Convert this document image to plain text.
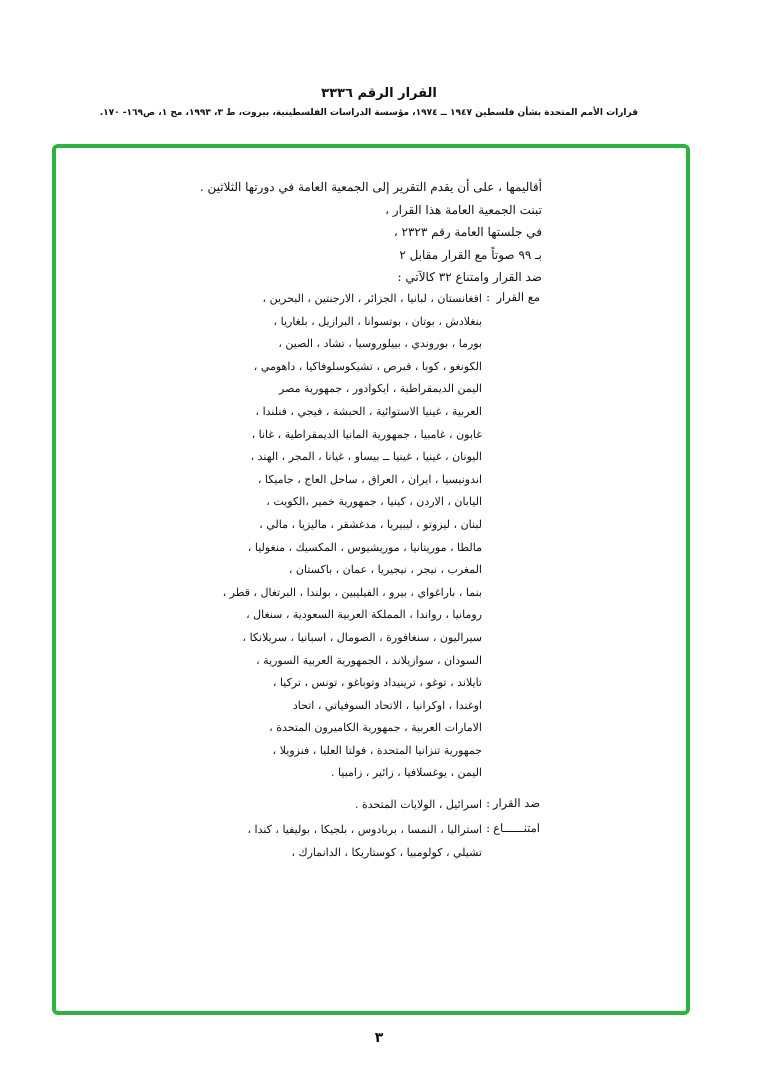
القرار الرقم ٣٣٣٦
قرارات الأمم المتحدة بشأن فلسطين ١٩٤٧ ــ ١٩٧٤، مؤسسة الدراسات الفلسطينية، بيروت، ط ٣، ١٩٩٣، مج ١، ص١٦٩- ١٧٠.
أقاليمها ، على أن يقدم التقرير إلى الجمعية العامة في دورتها الثلاثين .
تبنت الجمعية العامة هذا القرار ،
في جلستها العامة رقم ٢٣٢٣ ،
بـ ٩٩ صوتاً مع القرار مقابل ٢
ضد القرار وامتناع ٣٢ كالآتي :
مع القرار
:
افغانستان ، لبانيا ، الجزائر ، الارجنتين ، البحرين ،
بنغلادش ، بوتان ، بوتسوانا ، البرازيل ، بلغاريا ،
بورما ، بوروندي ، بييلوروسيا ، تشاد ، الصين ،
الكونغو ، كوبا ، قبرص ، تشيكوسلوفاكيا ، داهومي ،
اليمن الديمقراطية ، ايكوادور ، جمهورية مصر
العربية ، غينيا الاستوائية ، الحبشة ، فيجي ، فنلندا ،
غابون ، غامبيا ، جمهورية المانيا الديمقراطية ، غانا ،
اليونان ، غينيا ، غينيا ــ بيساو ، غيانا ، المجر ، الهند ،
اندونيسيا ، ايران ، العراق ، ساحل العاج ، جاميكا ،
اليابان ، الاردن ، كينيا ، جمهورية خمير ،الكويت ،
لبنان ، ليزوتو ، ليبيريا ، مدغشقر ، ماليزيا ، مالي ،
مالطا ، موريتانيا ، موريشيوس ، المكسيك ، منغوليا ،
المغرب ، نيجر ، نيجيريا ، عمان ، باكستان ،
بنما ، باراغواي ، بيرو ، الفيليبين ، بولندا ، البرتغال ، قطر ،
رومانيا ، رواندا ، المملكة العربية السعودية ، سنغال ،
سيراليون ، سنغافورة ، الصومال ، اسبانيا ، سريلانكا ،
السودان ، سوازيلاند ، الجمهورية العربية السورية ،
تايلاند ، توغو ، ترينيداد وتوباغو ، تونس ، تركيا ،
اوغندا ، اوكرانيا ، الاتحاد السوفياتي ، اتحاد
الامارات العربية ، جمهورية الكاميرون المتحدة ،
جمهورية تنزانيا المتحدة ، فولتا العليا ، فنزويلا ،
اليمن ، يوغسلافيا ، زائير ، زامبيا .
ضد القرار
:
اسرائيل ، الولايات المتحدة .
امتنــــــاع
:
استراليا ، النمسا ، بربادوس ، بلجيكا ، بوليفيا ، كندا ،
تشيلي ، كولومبيا ، كوستاريكا ، الدانمارك ،
٣
